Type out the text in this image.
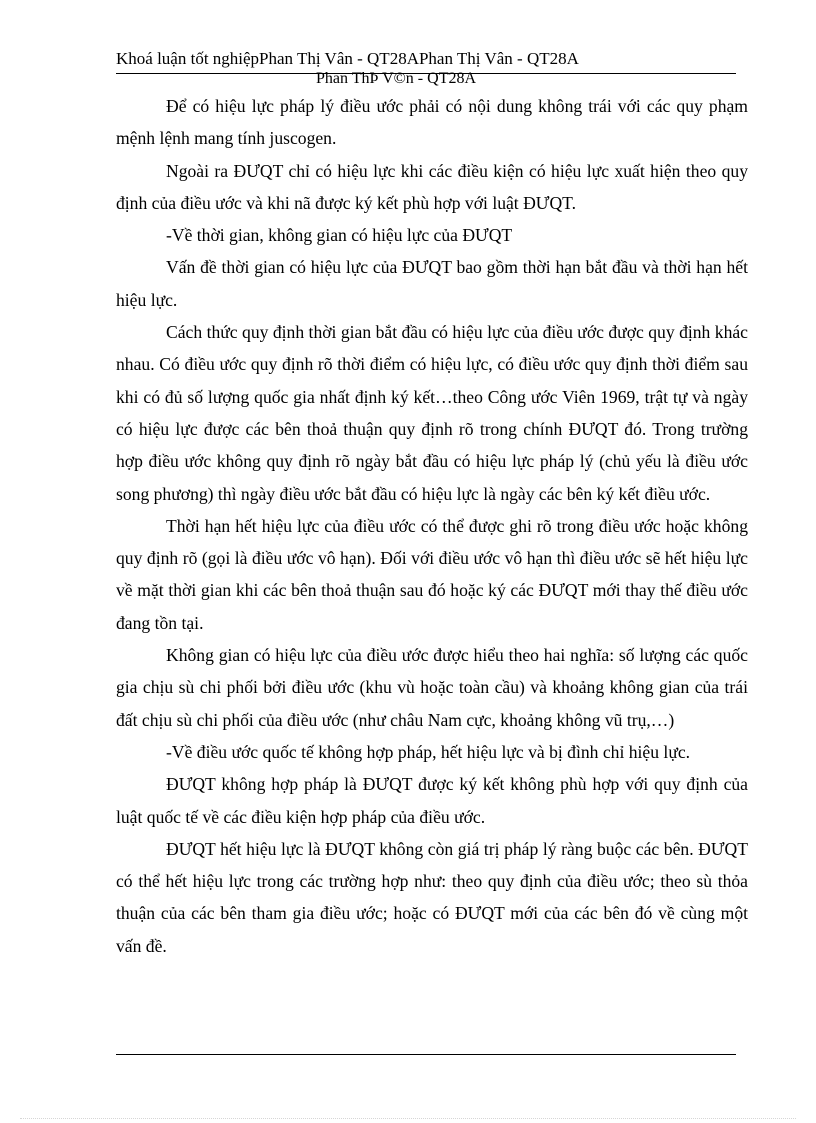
Khoá luận tốt nghiệpPhan Thị Vân - QT28APhan Thị Vân - QT28A
Phan ThÞ V©n - QT28A

Để có hiệu lực pháp lý điều ước phải có nội dung không trái với các quy phạm mệnh lệnh mang tính juscogen.

Ngoài ra ĐƯQT chỉ có hiệu lực khi các điều kiện có hiệu lực xuất hiện theo quy định của điều ước và khi nã được ký kết phù hợp với luật ĐƯQT.

-Về thời gian, không gian có hiệu lực của ĐƯQT

Vấn đề thời gian có hiệu lực của ĐƯQT bao gồm thời hạn bắt đầu và thời hạn hết hiệu lực.

Cách thức quy định thời gian bắt đầu có hiệu lực của điều ước được quy định khác nhau. Có điều ước quy định rõ thời điểm có hiệu lực, có điều ước quy định thời điểm sau khi có đủ số lượng quốc gia nhất định ký kết…theo Công ước Viên 1969, trật tự và ngày có hiệu lực được các bên thoả thuận quy định rõ trong chính ĐƯQT đó. Trong trường hợp điều ước không quy định rõ ngày bắt đầu có hiệu lực pháp lý (chủ yếu là điều ước song phương) thì ngày điều ước bắt đầu có hiệu lực là ngày các bên ký kết điều ước.

Thời hạn hết hiệu lực của điều ước có thể được ghi rõ trong điều ước hoặc không quy định rõ (gọi là điều ước vô hạn). Đối với điều ước vô hạn thì điều ước sẽ hết hiệu lực về mặt thời gian khi các bên thoả thuận sau đó hoặc ký các ĐƯQT mới thay thế điều ước đang tồn tại.

Không gian có hiệu lực của điều ước được hiểu theo hai nghĩa: số lượng các quốc gia chịu sù chi phối bởi điều ước (khu vù hoặc toàn cầu) và khoảng không gian của trái đất chịu sù chi phối của điều ước (như châu Nam cực, khoảng không vũ trụ,…)

-Về điều ước quốc tế không hợp pháp, hết hiệu lực và bị đình chỉ hiệu lực.

ĐƯQT không hợp pháp là ĐƯQT được ký kết không phù hợp với quy định của luật quốc tế về các điều kiện hợp pháp của điều ước.

ĐƯQT hết hiệu lực là ĐƯQT không còn giá trị pháp lý ràng buộc các bên. ĐƯQT có thể hết hiệu lực trong các trường hợp như: theo quy định của điều ước; theo sù thỏa thuận của các bên tham gia điều ước; hoặc có ĐƯQT mới của các bên đó về cùng một vấn đề.
